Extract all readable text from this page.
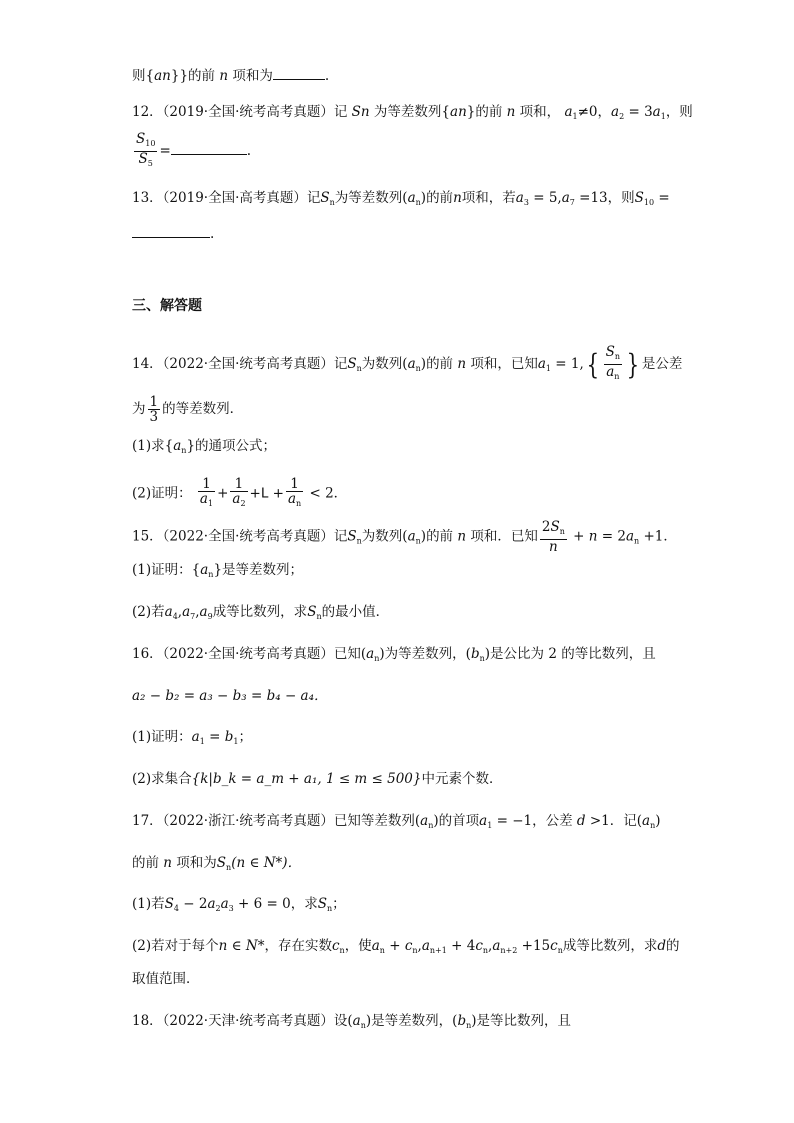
则{an}}的前 n 项和为	.
12．（2019·全国·统考高考真题）记 Sn 为等差数列{an}的前 n 项和， $a_1\ne 0$，$a_2 = 3a_1$，则
$\frac{S_{10}}{S_5}$ =	.
13．（2019·全国·高考真题）记$S_n$为等差数列$(a_n)$的前n项和，若$a_3 = 5,a_7 =13$，则$S_{10}$ =
.
三、解答题
14．（2022·全国·统考高考真题）记$S_n$为数列$(a_n)$的前 n 项和，已知$a_1 = 1,\{ \frac{S_n}{a_n}$ } 是公差
为 $\frac{1}{3}$ 的等差数列．
(1)求$\{a_n\}$的通项公式；
(2)证明： $\frac{1}{a_1} + \frac{1}{a_2} +L + \frac{1}{a_n} < 2$．
15．（2022·全国·统考高考真题）记$S_n$为数列$(a_n)$的前 n 项和．已知 $\frac{2S_n}{n} + n = 2a_n +1$．
(1)证明：$\{a_n\}$是等差数列；
(2)若$a_4,a_7,a_9$成等比数列，求$S_n$的最小值．
16．（2022·全国·统考高考真题）已知$(a_n)$为等差数列，$(b_n)$是公比为 2 的等比数列，且
a₂ − b₂ = a₃ − b₃ = b₄ − a₄．
(1)证明：$a_1 = b_1$；
(2)求集合{k|b_k = a_m + a₁, 1 ≤ m ≤ 500}中元素个数．
17．（2022·浙江·统考高考真题）已知等差数列$(a_n)$的首项$a_1 = -1$，公差 d >1．记$(a_n)$
的前 n 项和为$S_n(n$ ∈ N*)．
(1)若$S_4 - 2a_2a_3 + 6 = 0$，求$S_n$；
(2)若对于每个n ∈ N*，存在实数$c_n$，使$a_n + c_n,a_{n+1} + 4c_n,a_{n+2} +15c_n$成等比数列，求d的
取值范围．
18．（2022·天津·统考高考真题）设$(a_n)$是等差数列，$(b_n)$是等比数列，且
